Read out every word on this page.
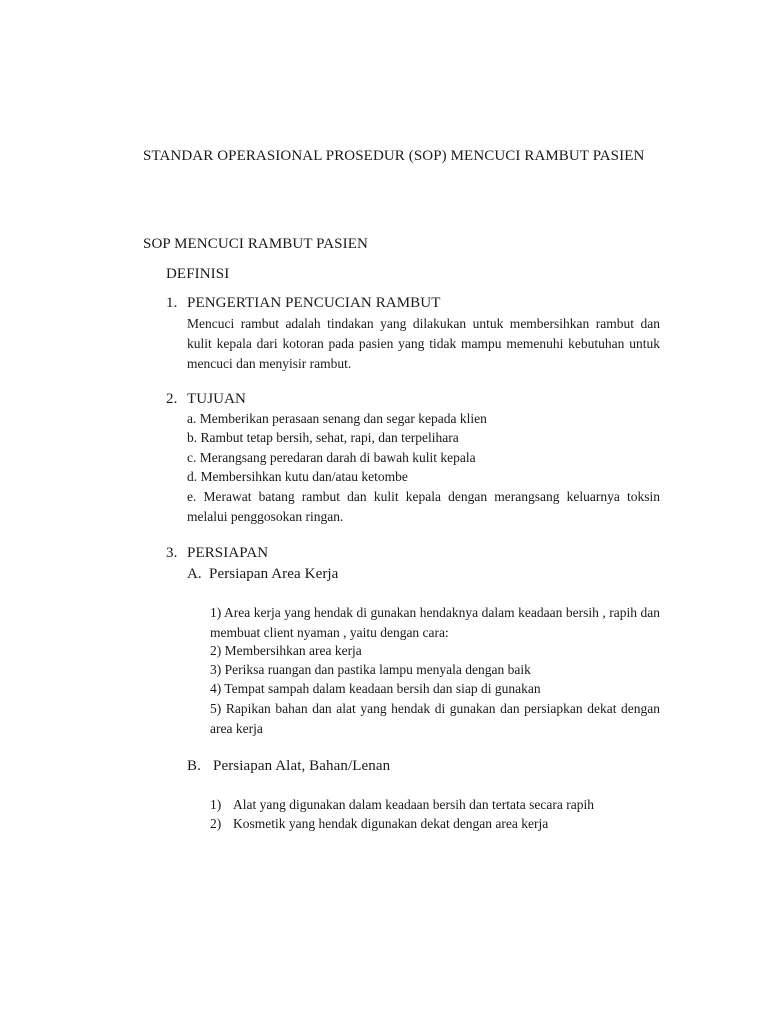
STANDAR OPERASIONAL PROSEDUR (SOP) MENCUCI RAMBUT PASIEN
SOP MENCUCI RAMBUT PASIEN
DEFINISI
1. PENGERTIAN PENCUCIAN RAMBUT
Mencuci rambut adalah tindakan yang dilakukan untuk membersihkan rambut dan kulit kepala dari kotoran pada pasien yang tidak mampu memenuhi kebutuhan untuk mencuci dan menyisir rambut.
2. TUJUAN
a. Memberikan perasaan senang dan segar kepada klien
b. Rambut tetap bersih, sehat, rapi, dan terpelihara
c. Merangsang peredaran darah di bawah kulit kepala
d. Membersihkan kutu dan/atau ketombe
e. Merawat batang rambut dan kulit kepala dengan merangsang keluarnya toksin melalui penggosokan ringan.
3. PERSIAPAN
A. Persiapan Area Kerja
1) Area kerja yang hendak di gunakan hendaknya dalam keadaan bersih , rapih dan membuat client nyaman , yaitu dengan cara:
2) Membersihkan area kerja
3) Periksa ruangan dan pastika lampu menyala dengan baik
4) Tempat sampah dalam keadaan bersih dan siap di gunakan
5) Rapikan bahan dan alat yang hendak di gunakan dan persiapkan dekat dengan area kerja
B. Persiapan Alat, Bahan/Lenan
1) Alat yang digunakan dalam keadaan bersih dan tertata secara rapih
2) Kosmetik yang hendak digunakan dekat dengan area kerja
